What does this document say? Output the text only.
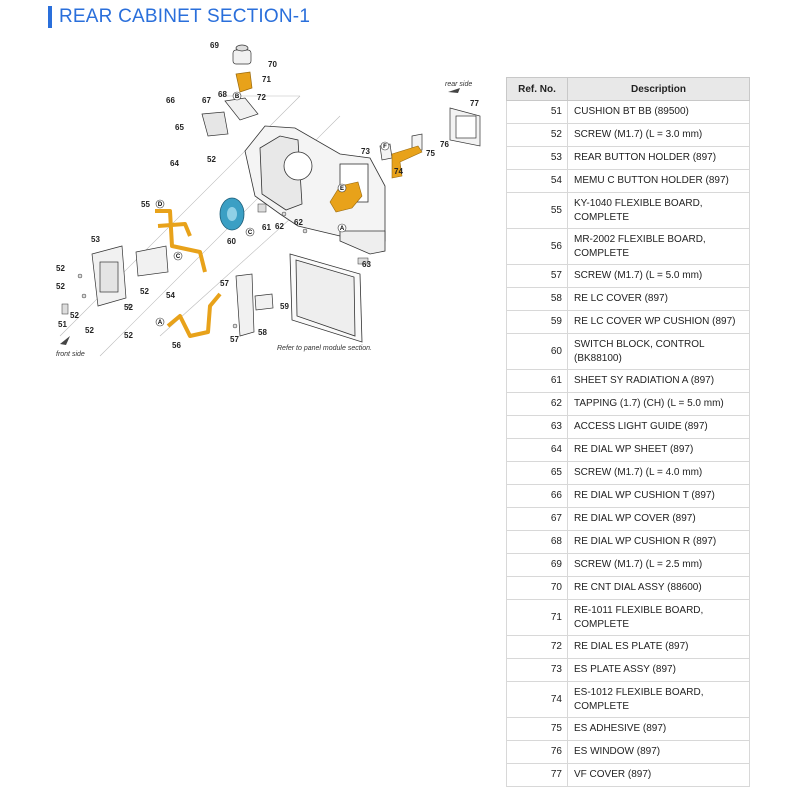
REAR CABINET SECTION-1
rear side
front side
Refer to panel module section.
D
C
C
A
F
B
A
E
69
70
71
66	67
68	72
65
64	52
77
76
75
73
74
55
60
61 62 62
63
53
52
52
52
52
52
52
52
51
54
56
57
57
58
59
Ref. No.	Description
51	CUSHION BT BB (89500)
52	SCREW (M1.7) (L = 3.0 mm)
53	REAR BUTTON HOLDER (897)
54	MEMU C BUTTON HOLDER (897)
55	KY-1040 FLEXIBLE BOARD, COMPLETE
56	MR-2002 FLEXIBLE BOARD, COMPLETE
57	SCREW (M1.7) (L = 5.0 mm)
58	RE LC COVER (897)
59	RE LC COVER WP CUSHION (897)
60	SWITCH BLOCK, CONTROL (BK88100)
61	SHEET SY RADIATION A (897)
62	TAPPING (1.7) (CH) (L = 5.0 mm)
63	ACCESS LIGHT GUIDE (897)
64	RE DIAL WP SHEET (897)
65	SCREW (M1.7) (L = 4.0 mm)
66	RE DIAL WP CUSHION T (897)
67	RE DIAL WP COVER (897)
68	RE DIAL WP CUSHION R (897)
69	SCREW (M1.7) (L = 2.5 mm)
70	RE CNT DIAL ASSY (88600)
71	RE-1011 FLEXIBLE BOARD, COMPLETE
72	RE DIAL ES PLATE (897)
73	ES PLATE ASSY (897)
74	ES-1012 FLEXIBLE BOARD, COMPLETE
75	ES ADHESIVE (897)
76	ES WINDOW (897)
77	VF COVER (897)
